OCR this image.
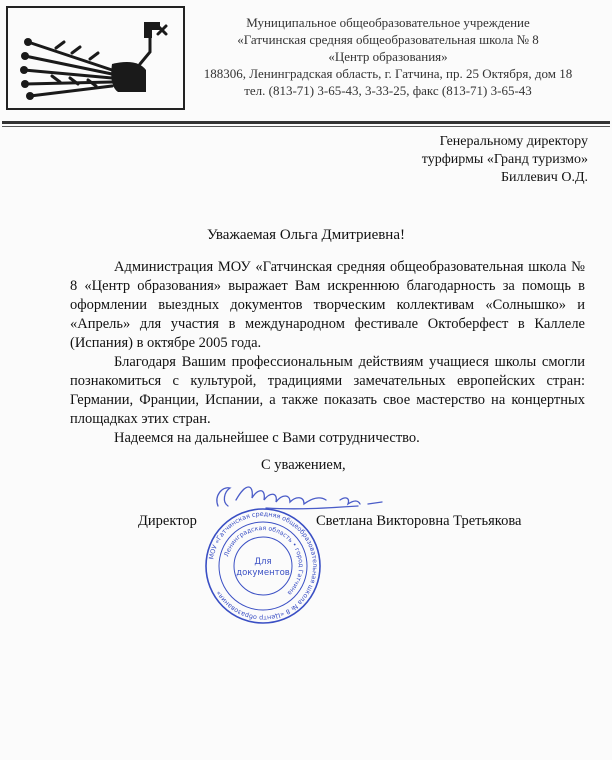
Муниципальное общеобразовательное учреждение
«Гатчинская средняя общеобразовательная школа № 8
«Центр образования»
188306, Ленинградская область, г. Гатчина, пр. 25 Октября, дом 18
тел. (813-71) 3-65-43, 3-33-25, факс (813-71) 3-65-43
Генеральному директору
турфирмы «Гранд туризмо»
Биллевич О.Д.
Уважаемая Ольга Дмитриевна!

Администрация МОУ «Гатчинская средняя общеобразовательная школа № 8 «Центр образования» выражает Вам искреннюю благодарность за помощь в оформлении выездных документов творческим коллективам «Солнышко» и «Апрель» для участия в международном фестивале Октоберфест в Каллеле (Испания) в октябре 2005 года.

Благодаря Вашим профессиональным действиям учащиеся школы смогли познакомиться с культурой, традициями замечательных европейских стран: Германии, Франции, Испании, а также показать свое мастерство на концертных площадках этих стран.

Надеемся на дальнейшее с Вами сотрудничество.

С уважением,
Директор	Светлана Викторовна Третьякова
МОУ «Гатчинская средняя общеобразовательная школа № 8 «Центр образования»
Ленинградская область • город Гатчина
Для
документов
